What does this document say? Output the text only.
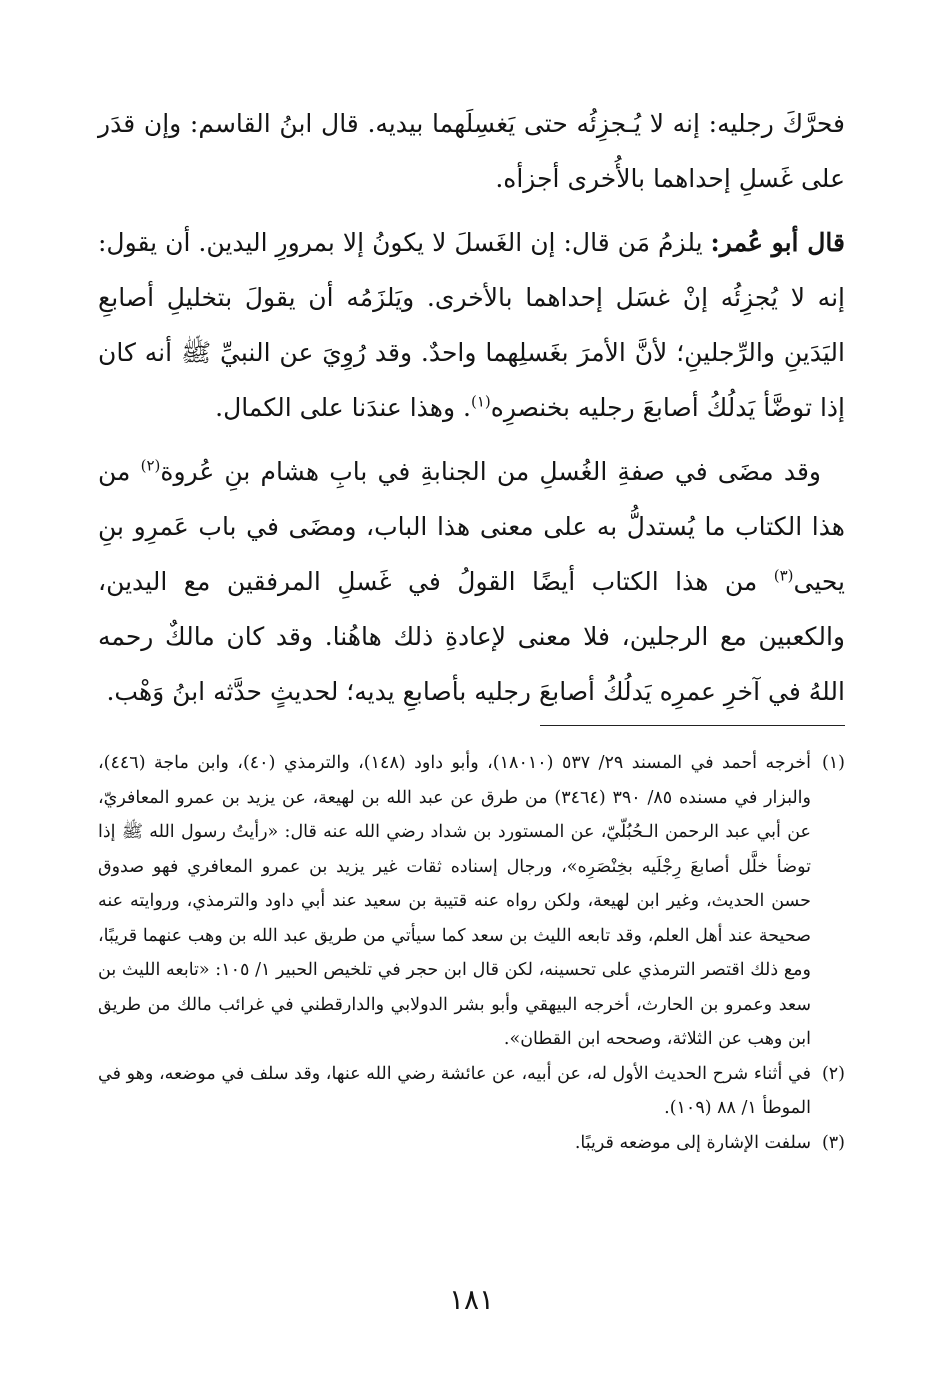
فحرَّكَ رجليه: إنه لا يُـجزِئُه حتى يَغسِلَهما بيديه. قال ابنُ القاسم: وإن قدَر على غَسلِ إحداهما بالأُخرى أجزأه.

قال أبو عُمر: يلزمُ مَن قال: إن الغَسلَ لا يكونُ إلا بمرورِ اليدين. أن يقول: إنه لا يُجزِئُه إنْ غسَل إحداهما بالأخرى. ويَلزَمُه أن يقولَ بتخليلِ أصابعِ اليَدَينِ والرِّجلينِ؛ لأنَّ الأمرَ بغَسلِهما واحدٌ. وقد رُوِيَ عن النبيِّ ﷺ أنه كان إذا توضَّأ يَدلُكُ أصابعَ رجليه بخنصرِه$^{(١)}$. وهذا عندَنا على الكمال.

وقد مضَى في صفةِ الغُسلِ من الجنابةِ في بابِ هشام بنِ عُروة$^{(٢)}$ من هذا الكتاب ما يُستدلُّ به على معنى هذا الباب، ومضَى في باب عَمرِو بنِ يحيى$^{(٣)}$ من هذا الكتاب أيضًا القولُ في غَسلِ المرفقين مع اليدين، والكعبين مع الرجلين، فلا معنى لإعادةِ ذلك هاهُنا. وقد كان مالكٌ رحمه اللهُ في آخرِ عمرِه يَدلُكُ أصابعَ رجليه بأصابعِ يديه؛ لحديثٍ حدَّثه ابنُ وَهْب.

(١)أخرجه أحمد في المسند ٢٩/ ٥٣٧ (١٨٠١٠)، وأبو داود (١٤٨)، والترمذي (٤٠)، وابن ماجة (٤٤٦)، والبزار في مسنده ٨٥/ ٣٩٠ (٣٤٦٤) من طرق عن عبد الله بن لهيعة، عن يزيد بن عمرو المعافريّ، عن أبي عبد الرحمن الـحُبُلّيّ، عن المستورد بن شداد رضي الله عنه قال: «رأيتُ رسول الله ﷺ إذا توضأ خلَّل أصابعَ رِجْلَيه بخِنْصَرِه»، ورجال إسناده ثقات غير يزيد بن عمرو المعافري فهو صدوق حسن الحديث، وغير ابن لهيعة، ولكن رواه عنه قتيبة بن سعيد عند أبي داود والترمذي، وروايته عنه صحيحة عند أهل العلم، وقد تابعه الليث بن سعد كما سيأتي من طريق عبد الله بن وهب عنهما قريبًا، ومع ذلك اقتصر الترمذي على تحسينه، لكن قال ابن حجر في تلخيص الحبير ١/ ١٠٥: «تابعه الليث بن سعد وعمرو بن الحارث، أخرجه البيهقي وأبو بشر الدولابي والدارقطني في غرائب مالك من طريق ابن وهب عن الثلاثة، وصححه ابن القطان».

(٢)في أثناء شرح الحديث الأول له، عن أبيه، عن عائشة رضي الله عنها، وقد سلف في موضعه، وهو في الموطأ ١/ ٨٨ (١٠٩).

(٣)سلفت الإشارة إلى موضعه قريبًا.

١٨١
